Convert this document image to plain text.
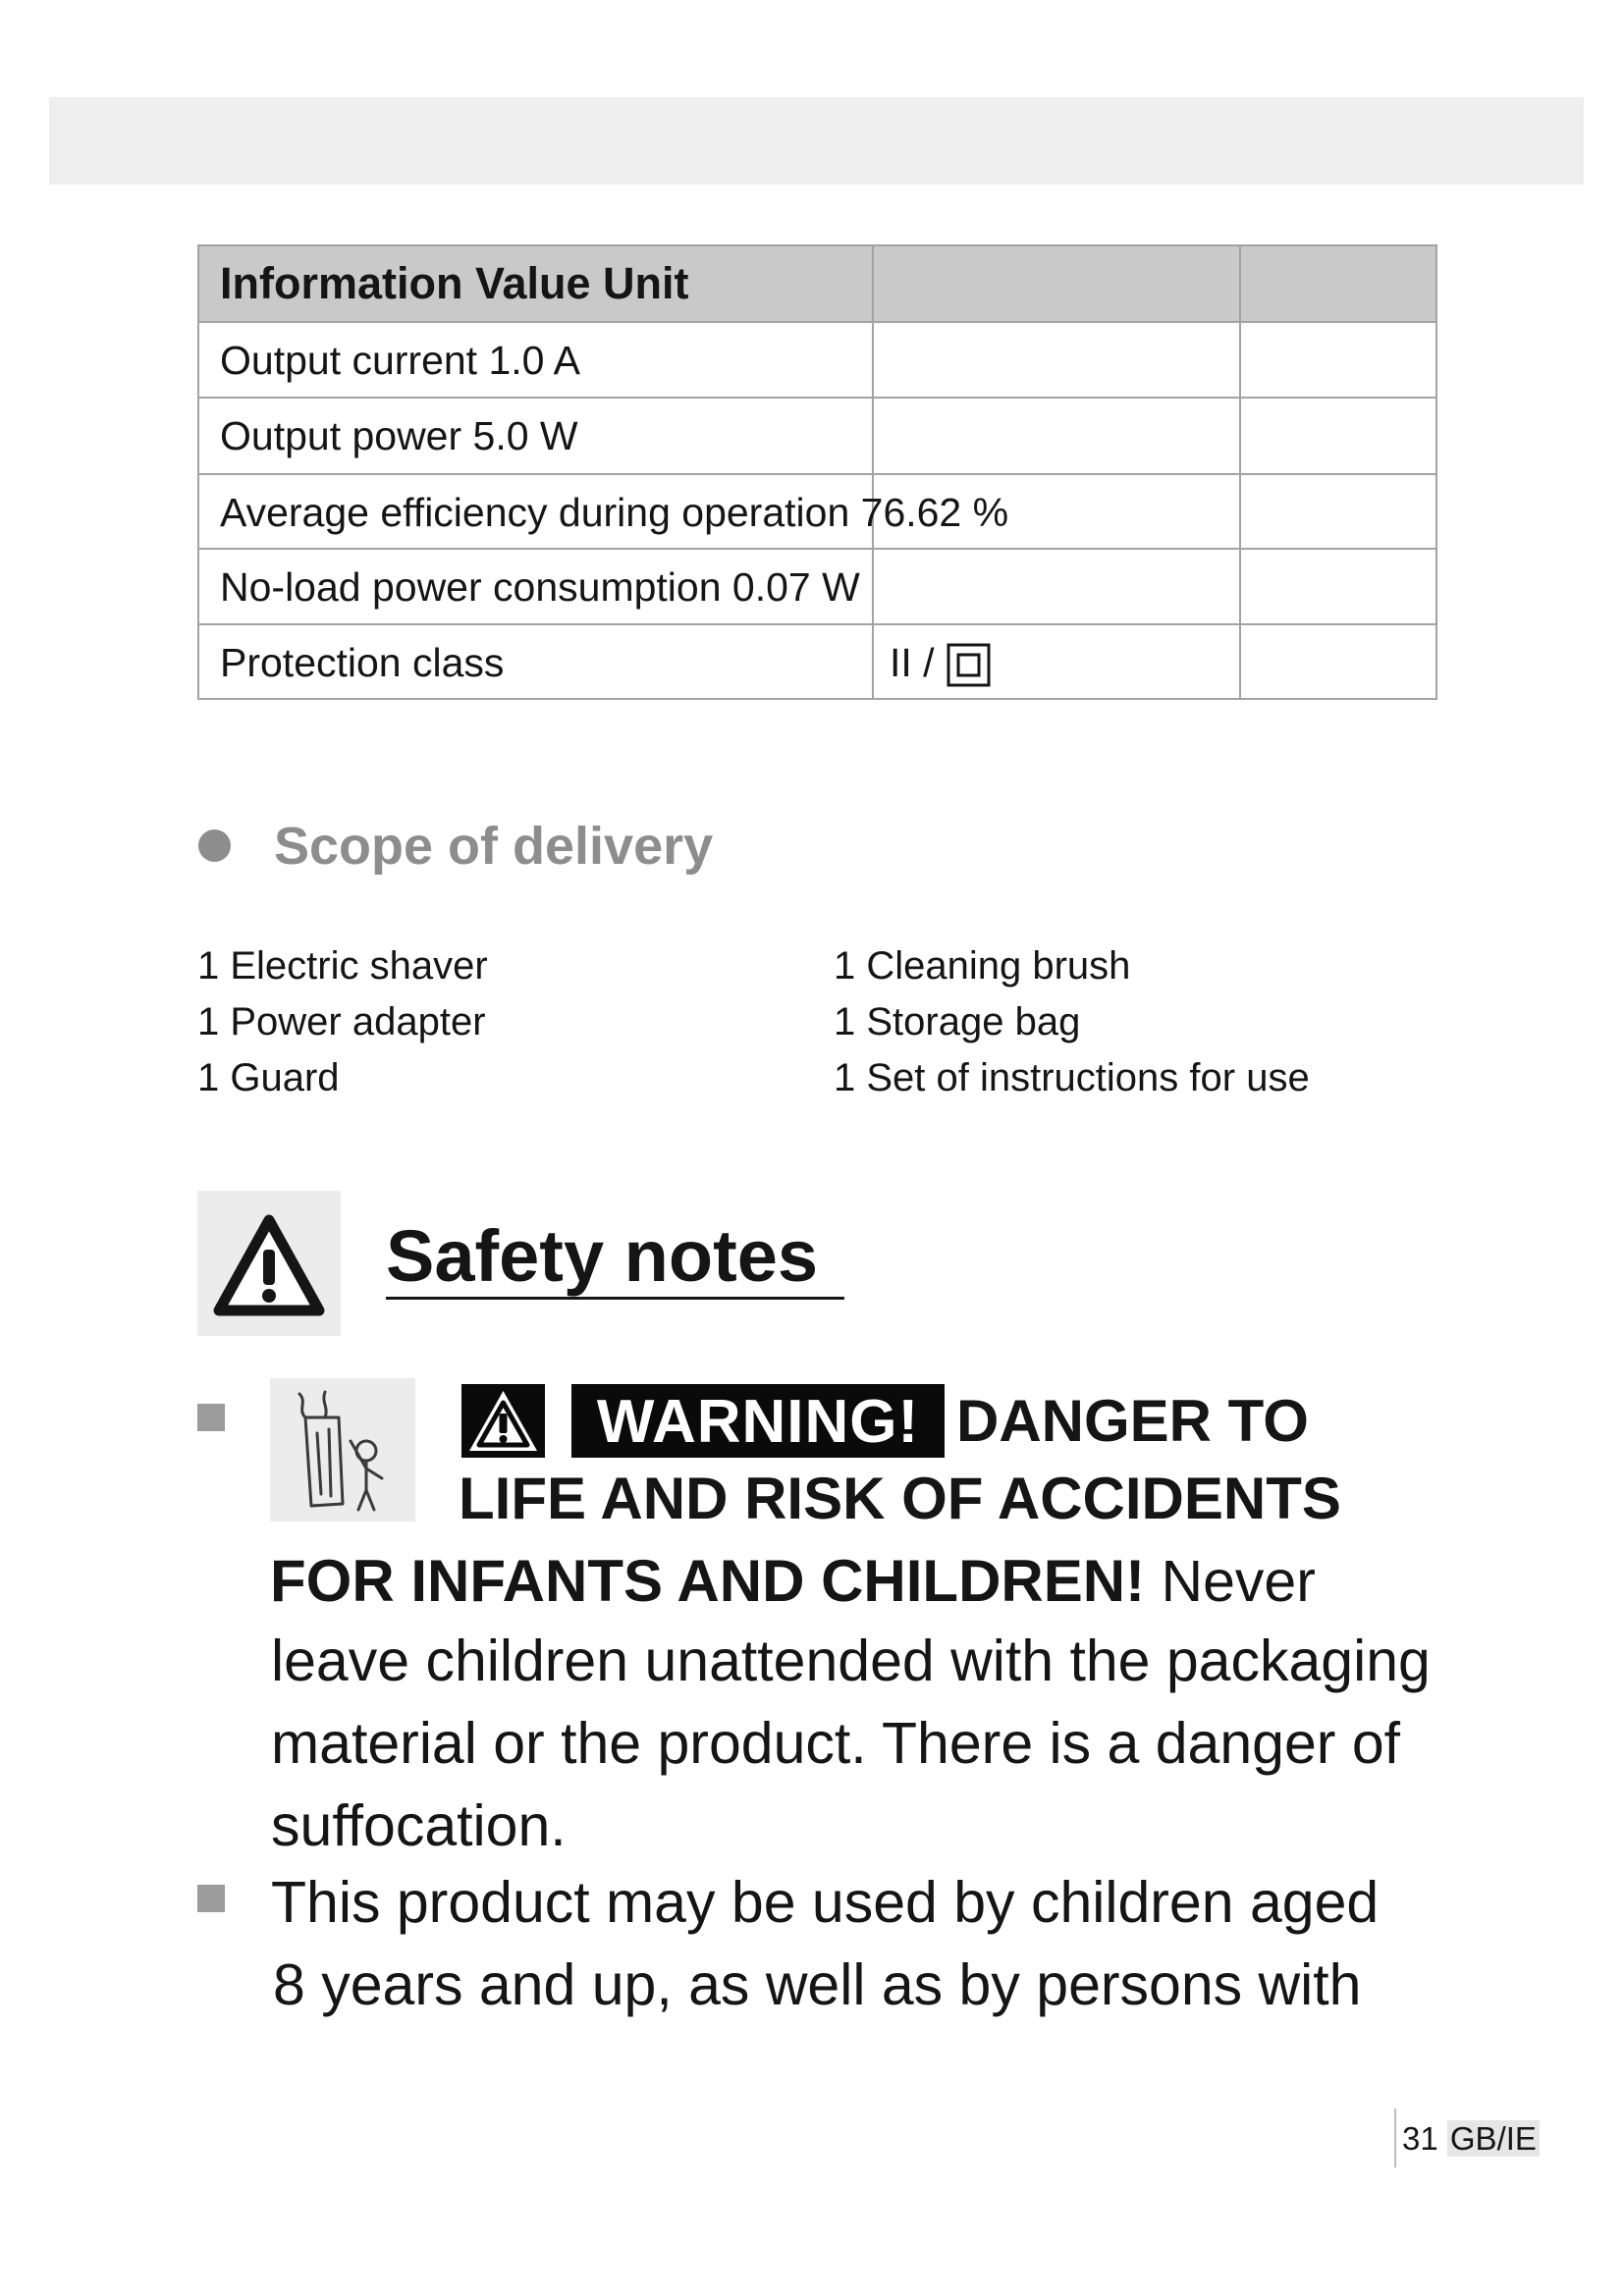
Information Value Unit
Output current 1.0 A
Output power 5.0 W
Average efficiency during operation 76.62 %
No-load power consumption 0.07 W
Protection class	II /
Scope of delivery
1 Electric shaver
1 Power adapter
1 Guard
1 Cleaning brush
1 Storage bag
1 Set of instructions for use
Safety notes
WARNING! DANGER TO
LIFE AND RISK OF ACCIDENTS
FOR INFANTS AND CHILDREN! Never
leave children unattended with the packaging
material or the product. There is a danger of
suffocation.
This product may be used by children aged
8 years and up, as well as by persons with
31 GB/IE
